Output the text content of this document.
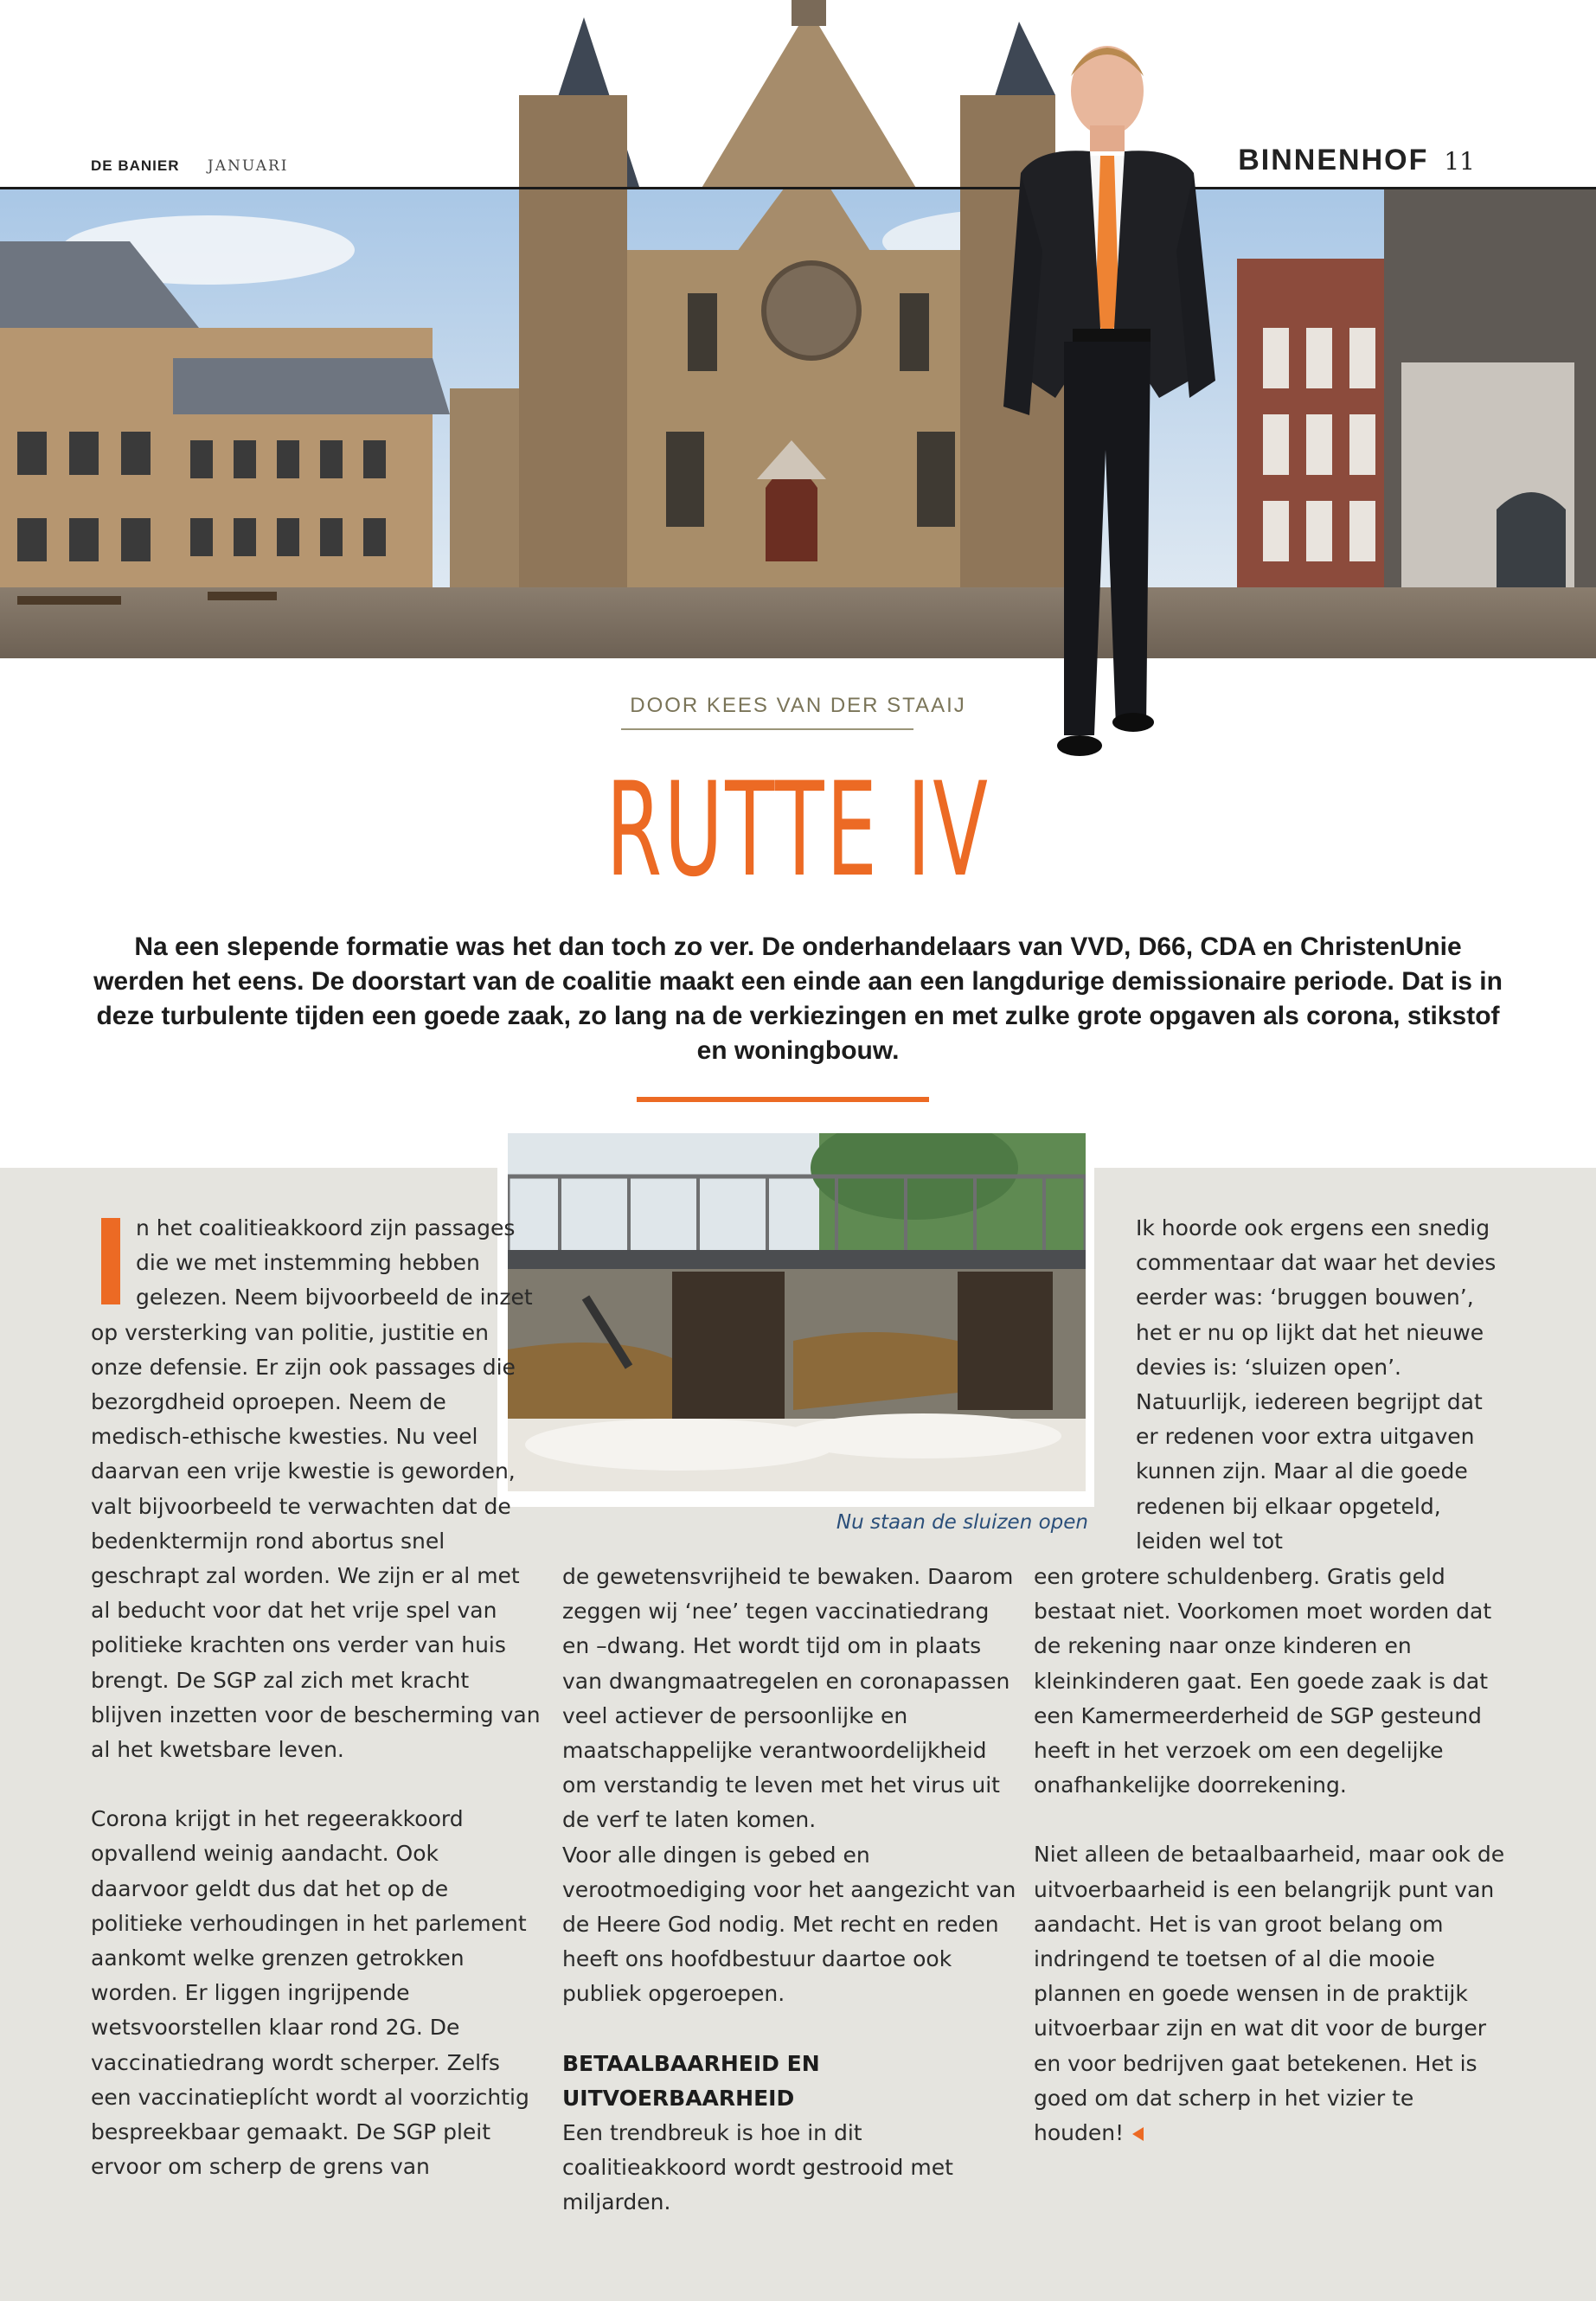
DE BANIER JANUARI	BINNENHOF 11
DOOR KEES VAN DER STAAIJ
RUTTE IV
Na een slepende formatie was het dan toch zo ver. De onderhandelaars van VVD, D66, CDA en ChristenUnie werden het eens. De doorstart van de coalitie maakt een einde aan een langdurige demissionaire periode. Dat is in deze turbulente tijden een goede zaak, zo lang na de verkiezingen en met zulke grote opgaven als corona, stikstof en woningbouw.
Nu staan de sluizen open

n het coalitieakkoord zijn passages die we met instemming hebben gelezen. Neem bijvoorbeeld de inzet op versterking van politie, justitie en onze defensie. Er zijn ook passages die bezorgdheid oproepen. Neem de medisch-ethische kwesties. Nu veel daarvan een vrije kwestie is geworden, valt bijvoorbeeld te verwachten dat de bedenktermijn rond abortus snel geschrapt zal worden. We zijn er al met al beducht voor dat het vrije spel van politieke krachten ons verder van huis brengt. De SGP zal zich met kracht blijven inzetten voor de bescherming van al het kwetsbare leven.

Corona krijgt in het regeerakkoord opvallend weinig aandacht. Ook daarvoor geldt dus dat het op de politieke verhoudingen in het parlement aankomt welke grenzen getrokken worden. Er liggen ingrijpende wetsvoorstellen klaar rond 2G. De vaccinatiedrang wordt scherper. Zelfs een vaccinatieplícht wordt al voorzichtig bespreekbaar gemaakt. De SGP pleit ervoor om scherp de grens van

de gewetensvrijheid te bewaken. Daarom zeggen wij ‘nee’ tegen vaccinatiedrang en –dwang. Het wordt tijd om in plaats van dwangmaatregelen en coronapassen veel actiever de persoonlijke en maatschappelijke verantwoordelijkheid om verstandig te leven met het virus uit de verf te laten komen.

Voor alle dingen is gebed en verootmoediging voor het aangezicht van de Heere God nodig. Met recht en reden heeft ons hoofdbestuur daartoe ook publiek opgeroepen.

BETAALBAARHEID EN
UITVOERBAARHEID

Een trendbreuk is hoe in dit coalitieakkoord wordt gestrooid met miljarden.

Ik hoorde ook ergens een snedig commentaar dat waar het devies eerder was: ‘bruggen bouwen’, het er nu op lijkt dat het nieuwe devies is: ‘sluizen open’. Natuurlijk, iedereen begrijpt dat er redenen voor extra uitgaven kunnen zijn. Maar al die goede redenen bij elkaar opgeteld, leiden wel tot

een grotere schuldenberg. Gratis geld bestaat niet. Voorkomen moet worden dat de rekening naar onze kinderen en kleinkinderen gaat. Een goede zaak is dat een Kamermeerderheid de SGP gesteund heeft in het verzoek om een degelijke onafhankelijke doorrekening.

Niet alleen de betaalbaarheid, maar ook de uitvoerbaarheid is een belangrijk punt van aandacht. Het is van groot belang om indringend te toetsen of al die mooie plannen en goede wensen in de praktijk uitvoerbaar zijn en wat dit voor de burger en voor bedrijven gaat betekenen. Het is goed om dat scherp in het vizier te houden!
